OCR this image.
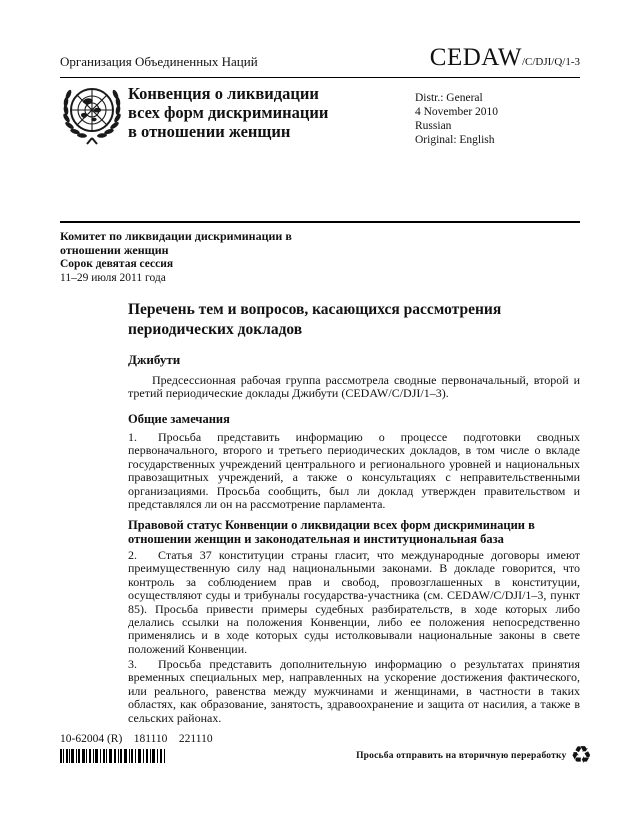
Организация Объединенных Наций	CEDAW/C/DJI/Q/1-3
Конвенция о ликвидации всех форм дискриминации в отношении женщин
Distr.: General
4 November 2010
Russian
Original: English
Комитет по ликвидации дискриминации в отношении женщин
Сорок девятая сессия
11–29 июля 2011 года
Перечень тем и вопросов, касающихся рассмотрения периодических докладов
Джибути

Предсессионная рабочая группа рассмотрела сводные первоначальный, второй и третий периодические доклады Джибути (CEDAW/C/DJI/1–3).

Общие замечания

1. Просьба представить информацию о процессе подготовки сводных первоначального, второго и третьего периодических докладов, в том числе о вкладе государственных учреждений центрального и регионального уровней и национальных правозащитных учреждений, а также о консультациях с неправительственными организациями. Просьба сообщить, был ли доклад утвержден правительством и представлялся ли он на рассмотрение парламента.

Правовой статус Конвенции о ликвидации всех форм дискриминации в отношении женщин и законодательная и институциональная база

2. Статья 37 конституции страны гласит, что международные договоры имеют преимущественную силу над национальными законами. В докладе говорится, что контроль за соблюдением прав и свобод, провозглашенных в конституции, осуществляют суды и трибуналы государства-участника (см. CEDAW/C/DJI/1–3, пункт 85). Просьба привести примеры судебных разбирательств, в ходе которых либо делались ссылки на положения Конвенции, либо ее положения непосредственно применялись и в ходе которых суды истолковывали национальные законы в свете положений Конвенции.

3. Просьба представить дополнительную информацию о результатах принятия временных специальных мер, направленных на ускорение достижения фактического, или реального, равенства между мужчинами и женщинами, в частности в таких областях, как образование, занятость, здравоохранение и защита от насилия, а также в сельских районах.

10-62004 (R)    181110    221110
Просьба отправить на вторичную переработку ♻
